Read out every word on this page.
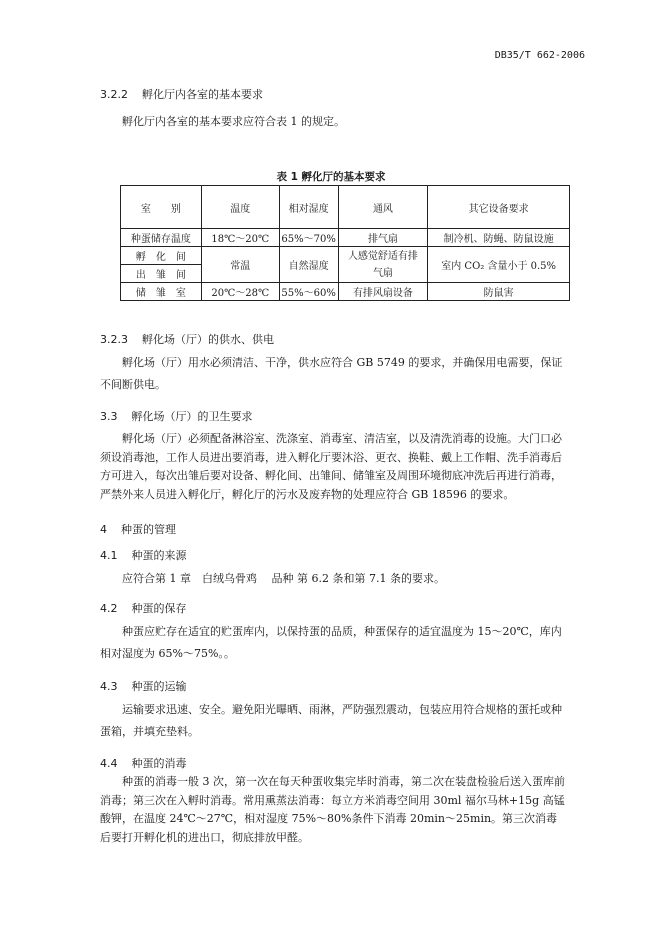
DB35/T 662-2006
3.2.2 孵化厅内各室的基本要求
孵化厅内各室的基本要求应符合表 1 的规定。
表 1 孵化厅的基本要求
室　　别	温度	相对湿度	通风	其它设备要求
种蛋储存温度	18℃～20℃	65%～70%	排气扇	制冷机、防蝇、防鼠设施
孵　化　间	常温	自然湿度	人感觉舒适有排气扇	室内 CO₂ 含量小于 0.5%
出　雏　间				
储　雏　室	20℃～28℃	55%～60%	有排风扇设备	防鼠害
3.2.3 孵化场（厅）的供水、供电
孵化场（厅）用水必须清洁、干净，供水应符合 GB 5749 的要求，并确保用电需要，保证不间断供电。
3.3 孵化场（厅）的卫生要求
孵化场（厅）必须配备淋浴室、洗涤室、消毒室、清洁室，以及清洗消毒的设施。大门口必须设消毒池，工作人员进出要消毒，进入孵化厅要沐浴、更衣、换鞋、戴上工作帽、洗手消毒后方可进入，每次出雏后要对设备、孵化间、出雏间、储雏室及周围环境彻底冲洗后再进行消毒，严禁外来人员进入孵化厅，孵化厅的污水及废弃物的处理应符合 GB 18596 的要求。
4 种蛋的管理
4.1 种蛋的来源
应符合第 1 章　白绒乌骨鸡　 品种 第 6.2 条和第 7.1 条的要求。
4.2 种蛋的保存
种蛋应贮存在适宜的贮蛋库内，以保持蛋的品质，种蛋保存的适宜温度为 15～20℃，库内相对湿度为 65%～75%。。
4.3 种蛋的运输
运输要求迅速、安全。避免阳光曝晒、雨淋，严防强烈震动，包装应用符合规格的蛋托或种蛋箱，并填充垫料。
4.4 种蛋的消毒
种蛋的消毒一般 3 次，第一次在每天种蛋收集完毕时消毒，第二次在装盘检验后送入蛋库前消毒；第三次在入孵时消毒。常用熏蒸法消毒：每立方米消毒空间用 30ml 福尔马林+15g 高锰酸钾，在温度 24℃～27℃，相对湿度 75%～80%条件下消毒 20min～25min。第三次消毒后要打开孵化机的进出口，彻底排放甲醛。
